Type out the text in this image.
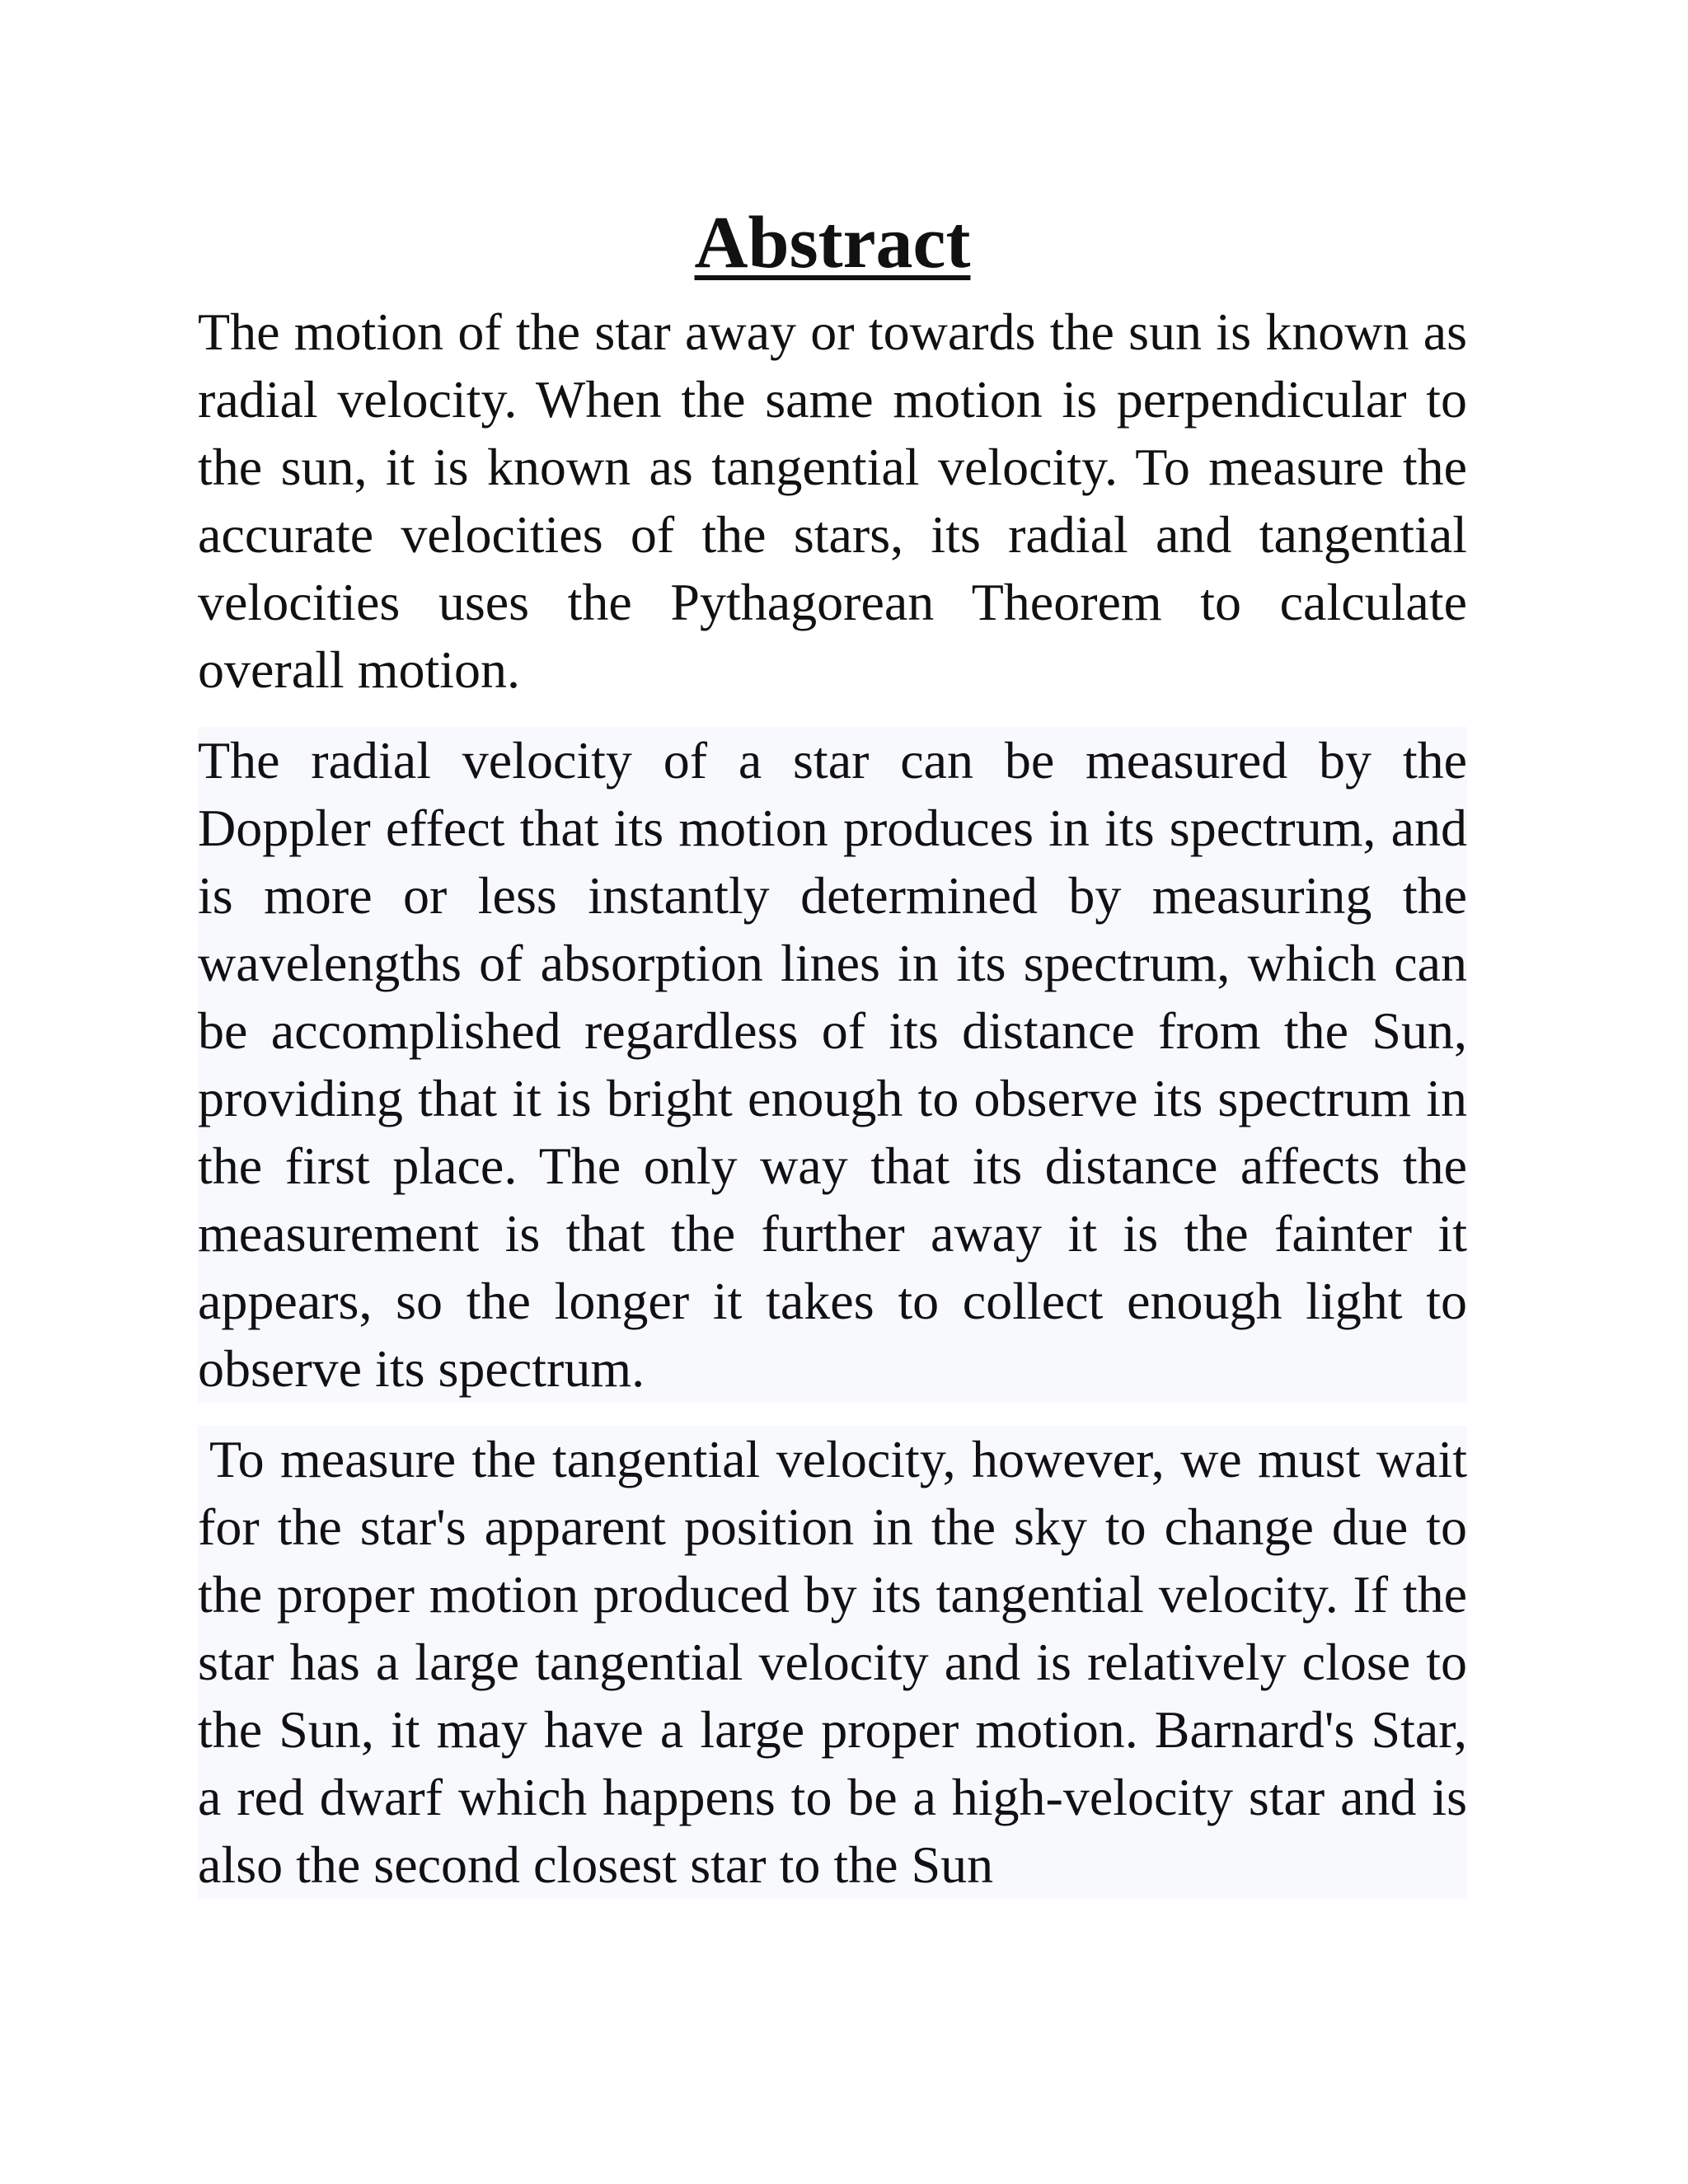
Abstract

The motion of the star away or towards the sun is known as radial velocity. When the same motion is perpendicular to the sun, it is known as tangential velocity. To measure the accurate velocities of the stars, its radial and tangential velocities uses the Pythagorean Theorem to calculate overall motion.

The radial velocity of a star can be measured by the Doppler effect that its motion produces in its spectrum, and is more or less instantly determined by measuring the wavelengths of absorption lines in its spectrum, which can be accomplished regardless of its distance from the Sun, providing that it is bright enough to observe its spectrum in the first place. The only way that its distance affects the measurement is that the further away it is the fainter it appears, so the longer it takes to collect enough light to observe its spectrum.

To measure the tangential velocity, however, we must wait for the star's apparent position in the sky to change due to the proper motion produced by its tangential velocity. If the star has a large tangential velocity and is relatively close to the Sun, it may have a large proper motion. Barnard's Star, a red dwarf which happens to be a high-velocity star and is also the second closest star to the Sun
